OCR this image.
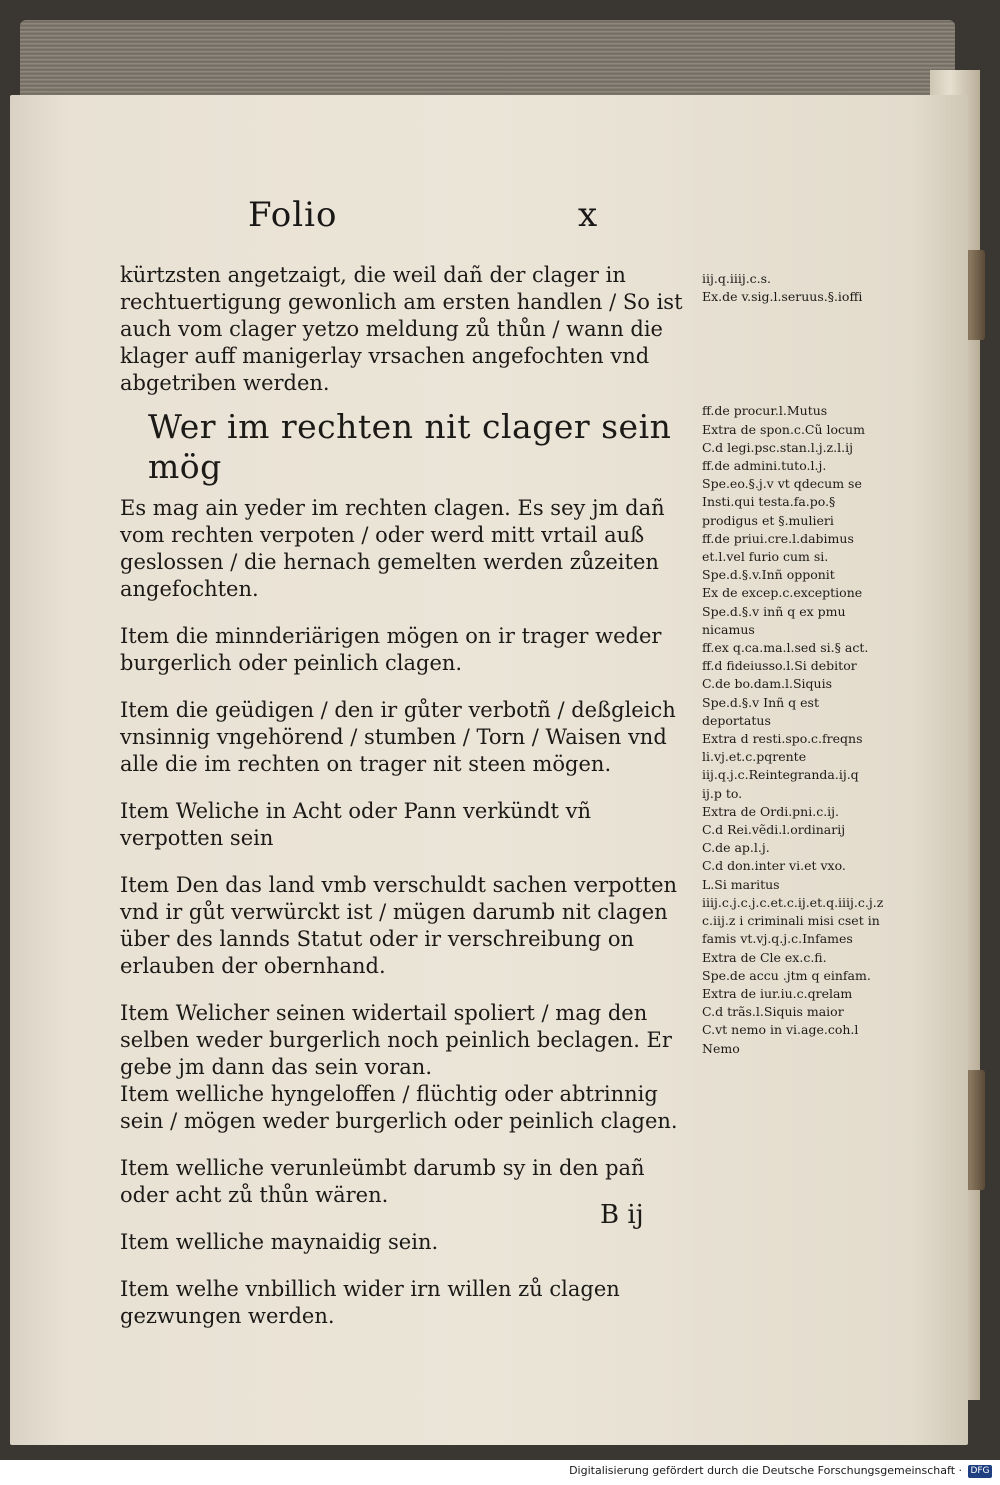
Folio	x

kürtzsten angetzaigt, die weil dañ der clager in rechtuertigung gewonlich am ersten handlen / So ist auch vom clager yetzo meldung zů thůn / wann die klager auff manigerlay vrsachen angefochten vnd abgetriben werden.

Wer im rechten nit clager sein mög

Es mag ain yeder im rechten clagen. Es sey jm dañ vom rechten verpoten / oder werd mitt vrtail auß geslossen / die hernach gemelten werden zůzeiten angefochten.

Item die minnderiärigen mögen on ir trager weder burgerlich oder peinlich clagen.

Item die geüdigen / den ir gůter verbotñ / deßgleich vnsinnig vngehörend / stumben / Torn / Waisen vnd alle die im rechten on trager nit steen mögen.

Item Weliche in Acht oder Pann verkündt vñ verpotten sein

Item Den das land vmb verschuldt sachen verpotten vnd ir gůt verwürckt ist / mügen darumb nit clagen über des lannds Statut oder ir verschreibung on erlauben der obernhand.

Item Welicher seinen widertail spoliert / mag den selben weder burgerlich noch peinlich beclagen. Er gebe jm dann das sein voran.

Item welliche hyngeloffen / flüchtig oder abtrinnig sein / mögen weder burgerlich oder peinlich clagen.

Item welliche verunleümbt darumb sy in den pañ oder acht zů thůn wären.

Item welliche maynaidig sein.

Item welhe vnbillich wider irn willen zů clagen gezwungen werden.

iij.q.iiij.c.s.
Ex.de v.sig.l.seruus.§.ioffi
ff.de procur.l.Mutus
Extra de spon.c.Cũ locum
C.d legi.psc.stan.l.j.z.l.ij
ff.de admini.tuto.l.j.
Spe.eo.§.j.v vt qdecum se
Insti.qui testa.fa.po.§
prodigus et §.mulieri
ff.de priui.cre.l.dabimus
et.l.vel furio cum si.
Spe.d.§.v.Inñ opponit
Ex de excep.c.exceptione
Spe.d.§.v inñ q ex pmu
nicamus
ff.ex q.ca.ma.l.sed si.§ act.
ff.d fideiusso.l.Si debitor
C.de bo.dam.l.Siquis
Spe.d.§.v Inñ q est
deportatus
Extra d resti.spo.c.freqns
li.vj.et.c.pqrente
iij.q.j.c.Reintegranda.ij.q
ij.p to.
Extra de Ordi.pni.c.ij.
C.d Rei.vẽdi.l.ordinarij
C.de ap.l.j.
C.d don.inter vi.et vxo.
L.Si maritus
iiij.c.j.c.j.c.et.c.ij.et.q.iiij.c.j.z
c.iij.z i criminali misi cset in
famis vt.vj.q.j.c.Infames
Extra de Cle ex.c.fi.
Spe.de accu .jtm q einfam.
Extra de iur.iu.c.qrelam
C.d trãs.l.Siquis maior
C.vt nemo in vi.age.coh.l
Nemo
B ij
Digitalisierung gefördert durch die Deutsche Forschungsgemeinschaft · DFG
